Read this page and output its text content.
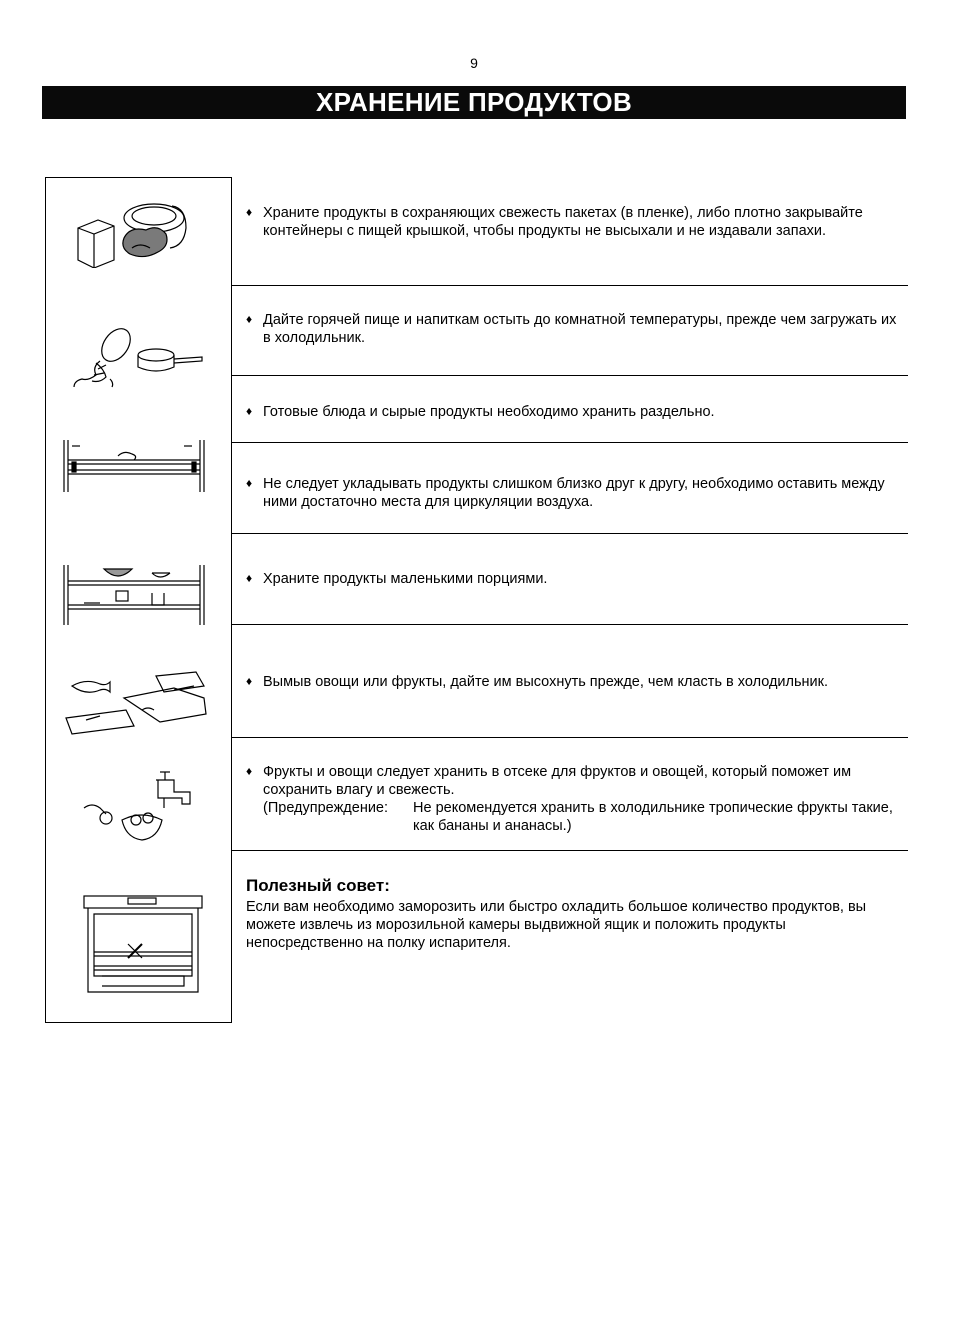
9
ХРАНЕНИЕ ПРОДУКТОВ
♦ Храните продукты в сохраняющих свежесть пакетах (в пленке), либо плотно закрывайте контейнеры с пищей крышкой, чтобы продукты не высыхали и не издавали запахи.
♦ Дайте горячей пище и напиткам остыть до комнатной температуры, прежде чем загружать их в холодильник.
♦ Готовые блюда и сырые продукты необходимо хранить раздельно.
♦ Не следует укладывать продукты слишком близко друг к другу, необходимо оставить между ними достаточно места для циркуляции воздуха.
♦ Храните продукты маленькими порциями.
♦ Вымыв овощи или фрукты, дайте им высохнуть прежде, чем класть в холодильник.
♦ Фрукты и овощи следует хранить в отсеке для фруктов и овощей, который поможет им сохранить влагу и свежесть.
(Предупреждение: Не рекомендуется хранить в холодильнике тропические фрукты такие, как бананы и ананасы.)
Полезный совет:
Если вам необходимо заморозить или быстро охладить большое количество продуктов, вы можете извлечь из морозильной камеры выдвижной ящик и положить продукты непосредственно на полку испарителя.
